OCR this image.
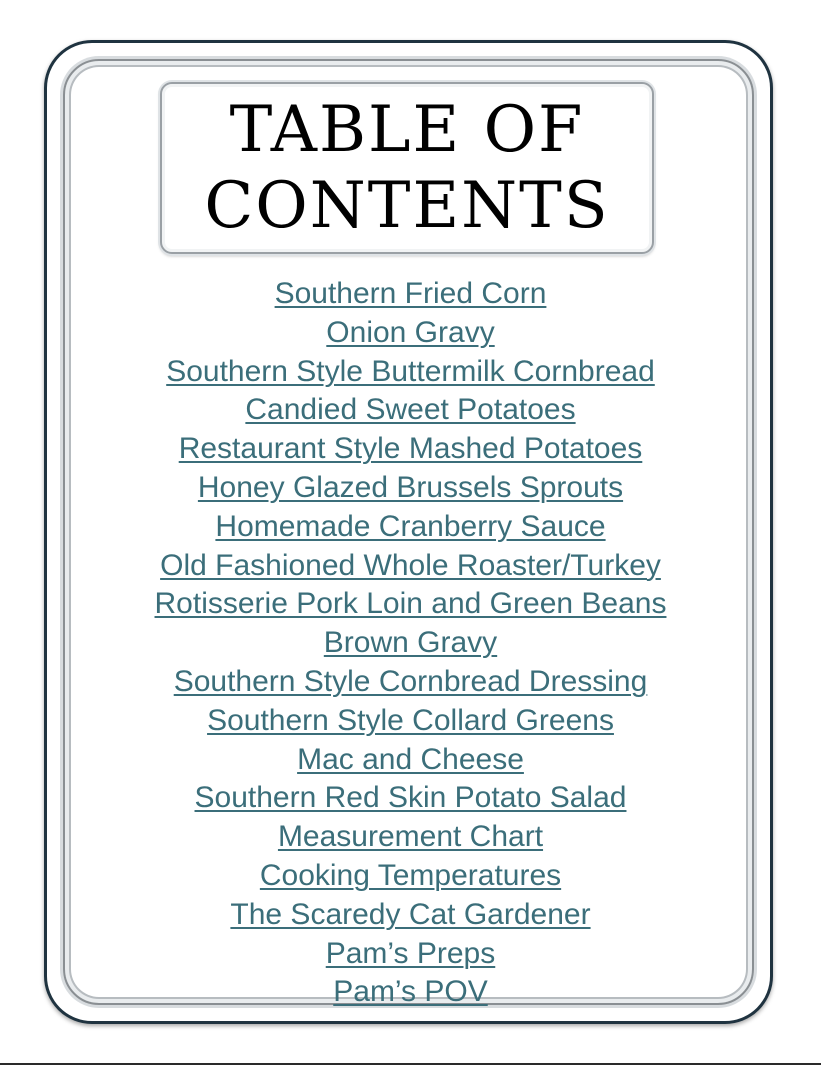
TABLE OF
CONTENTS
Southern Fried Corn
Onion Gravy
Southern Style Buttermilk Cornbread
Candied Sweet Potatoes
Restaurant Style Mashed Potatoes
Honey Glazed Brussels Sprouts
Homemade Cranberry Sauce
Old Fashioned Whole Roaster/Turkey
Rotisserie Pork Loin and Green Beans
Brown Gravy
Southern Style Cornbread Dressing
Southern Style Collard Greens
Mac and Cheese
Southern Red Skin Potato Salad
Measurement Chart
Cooking Temperatures
The Scaredy Cat Gardener
Pam’s Preps
Pam’s POV
